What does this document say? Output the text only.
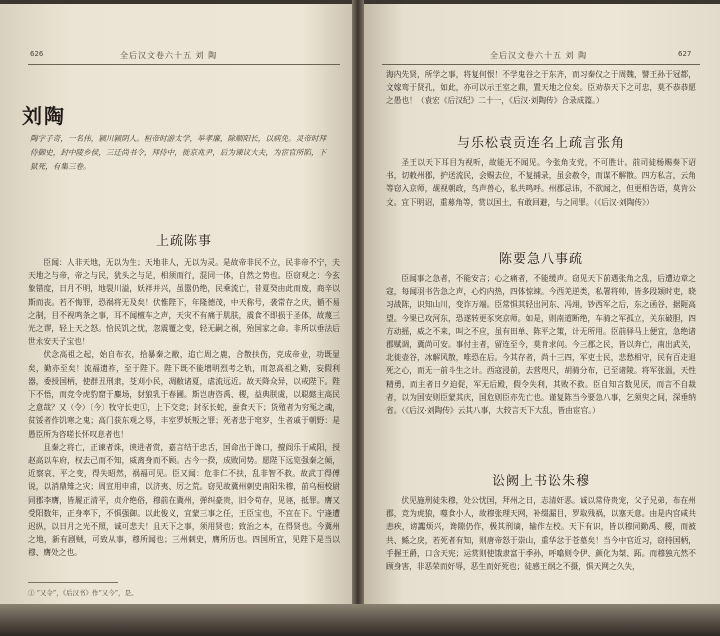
626	全后汉文卷六十五 刘 陶
刘陶
陶字子奇，一名伟，颍川颍阴人。桓帝时游太学，举孝廉，除顺阳长，以病免。灵帝时拜侍御史，封中陵乡侯，三迁尚书令，拜侍中，徙京兆尹，后为谏议大夫，为宦官所陷，下狱死，有集三卷。
上疏陈事

臣闻：人非天地，无以为生；天地非人，无以为灵。是故帝非民不立，民非帝不宁，夫天地之与帝，帝之与民，犹头之与足，相须而行，混同一体，自然之势也。臣窃观之：今玄象错度，日月不明，地裂川溢，妖祥并兴，虽嚣仍绝，民乘流亡，昔夏癸由此而废，商辛以斯而丧。若不悔罪，恐祸将无及矣！伏惟陛下，年隆德茂，中天称号，袭常存之庆，循不易之制，目不视鸣条之事，耳不闻檀车之声，天灾不有痛于肌肤，震食不即损于圣体，故蔑三光之谬，轻上天之怒。恰民饥之忧，忽震覆之变，轻无嗣之祸，殆国家之命。非所以垂法后世永安天子宝也！

伏念高祖之起，始自布衣，拾暴秦之敝，追亡周之鹿，合散扶伤，克成帝业，功既显矣，勤亦至矣！流福遗祚，至于陛下。陛下既不能增明烈考之轨，而忽高祖之勤，妄假利器，委授国柄，使群丑刑隶，芟刈小民，凋敝诸夏，虐流远近。故天降众异，以戒陛下。陛下不悟，而竞令虎豹窟于麋场，豺狼乳于春圃。斯岂唐咨禹、稷，益典朕虞，以聪懿主高民之意哉？又（令）〔今〕牧守长吏①，上下交竞；封豕长蛇，蚕食天下；货殖者为穷冤之魂，贫馁者作饥寒之鬼；高门获东观之辱，丰室罗妖叛之罪；死者悲于窀穸，生者戚于朝野：是愚臣所为咨嗟长怀叹息者也！

且秦之将亡，正谏者诛，谀进者赏，嘉言结于忠舌，国命出于谗口，擅阎乐于咸阳，授赵高以车府，权去己而不知，威离身而不顾。古今一揆，成败同势。愿陛下远览强秦之倾，近察哀、平之变，得失昭然，祸福可见。臣又闻：危非仁不扶，乱非智不救。故武丁得傅说，以消鼎雉之灾；周宣用申甫，以济夷、厉之荒。窃见故冀州刺史南阳朱穆，前乌桓校尉同郡李膺，皆履正清平，贞介绝俗，穆前在冀州，弹纠豪贵，旧令苟存，见诬，抵罪。膺又受阳数年，正身率下，不惧强御。以此俊义，宜蒙三事之任，王臣宝也，不宜在下。宁逢遭迟纵，以日月之光不照，诚可悲夫！且天下之事，须用贤也；致治之本，在得贤也。今冀州之地，新有剧贼，可致从事，穆所闻也；三州刺史，膺所历也。四国所宜，见陛下是当以穆、膺处之也。

① “又令”，《后汉书》作“又今”，是。
全后汉文卷六十五 刘 陶	627
海内先贤，所学之事，将复何恨！不学鬼谷之于东齐，而习秦仪之于周魏，譬王孙于冠都，文嫁鸾于贤孔，如此，亦可以示王室之鼎，置天地之位矣。臣劝恭天下之可忠，莫不恭恭愿之愚也！（袁宏《后汉纪》二十一，《后汉·刘陶传》合录成篇。）
与乐松袁贡连名上疏言张角
圣王以天下耳目为视听，故能无不闻见。今张角支党，不可胜计。前司徒杨赐奏下诏书，切敕州郡，护送流民，会赐去位，不复捕录，虽会赦令，而谋不解散。四方私言，云角等窃入京师，觇视朝政，鸟声兽心，私共鸣呼。州郡忌讳，不欲闻之，但更相告语，莫肯公文。宜下明诏，重募角等，赏以国土，有敢回避，与之同罪。（《后汉·刘陶传》）
陈要急八事疏
臣闻事之急者，不能安言；心之痛者，不能缓声。窃见天下前遇张角之乱，后遭边章之寇，每闻羽书告急之声，心灼内热，四体惊竦。今西羌逆类，私署将帅，皆多段颎时吏，晓习战陈，识知山川，变诈万端。臣常惧其轻出河东、冯翊，钞西军之后，东之函谷，据阨高望。今果已攻河东，恐遂转更豕突京师。如是，则南道断绝，车骑之军孤立，关东破胆，四方动摇，威之不来，叫之不应，虽有田单、陈平之策，计无所用。臣前驿马上便宜，急绝诸郡赋调，冀尚可安。事付主者，留连至今，莫肯求问。今三郡之民，皆以奔亡，南出武关，北徙壶谷，冰解风散，唯恐在后。今其存者，尚十三四，军吏士民，悲愁相守，民有百走退死之心，而无一前斗生之计。西寇浸前，去营咫尺，胡骑分布，已至诸陵。将军张温，天性精勇，而主者日夕迫促，军无后殿，假令失利，其败不救。臣自知言数见厌，而言不自裁者，以为国安则臣蒙其庆，国危则臣亦先亡也。谨复陈当今要急八事，乞须臾之间，深垂纳省。（《后汉·刘陶传》云其八事，大较言天下大乱，皆由宦官。）
讼阙上书讼朱穆
伏见施刑徒朱穆，处公忧国，拜州之日，志清奸恶。诚以常侍贵宠，父子兄弟，布在州郡，竞为虎狼，噬食小人，故穆张理天网，补缀漏目，罗取残祸，以塞天意。由是内官咸共恚疾，谤讟烦兴，谗隙仍作，极其刑谪，输作左校。天下有识，皆以穆同勤禹、稷，而被共、鲧之戾，若死者有知，则唐帝怒于崇山，重华忿于苍墓矣！当今中官近习，窃持国柄，手握王爵，口含天宪；运赏则使饿隶富于季孙，呼噏则令伊、颜化为桀、跖。而穆独亢然不顾身害，非恶荣而好辱，恶生而好死也；徒感王纲之不摄，惧天网之久失，
